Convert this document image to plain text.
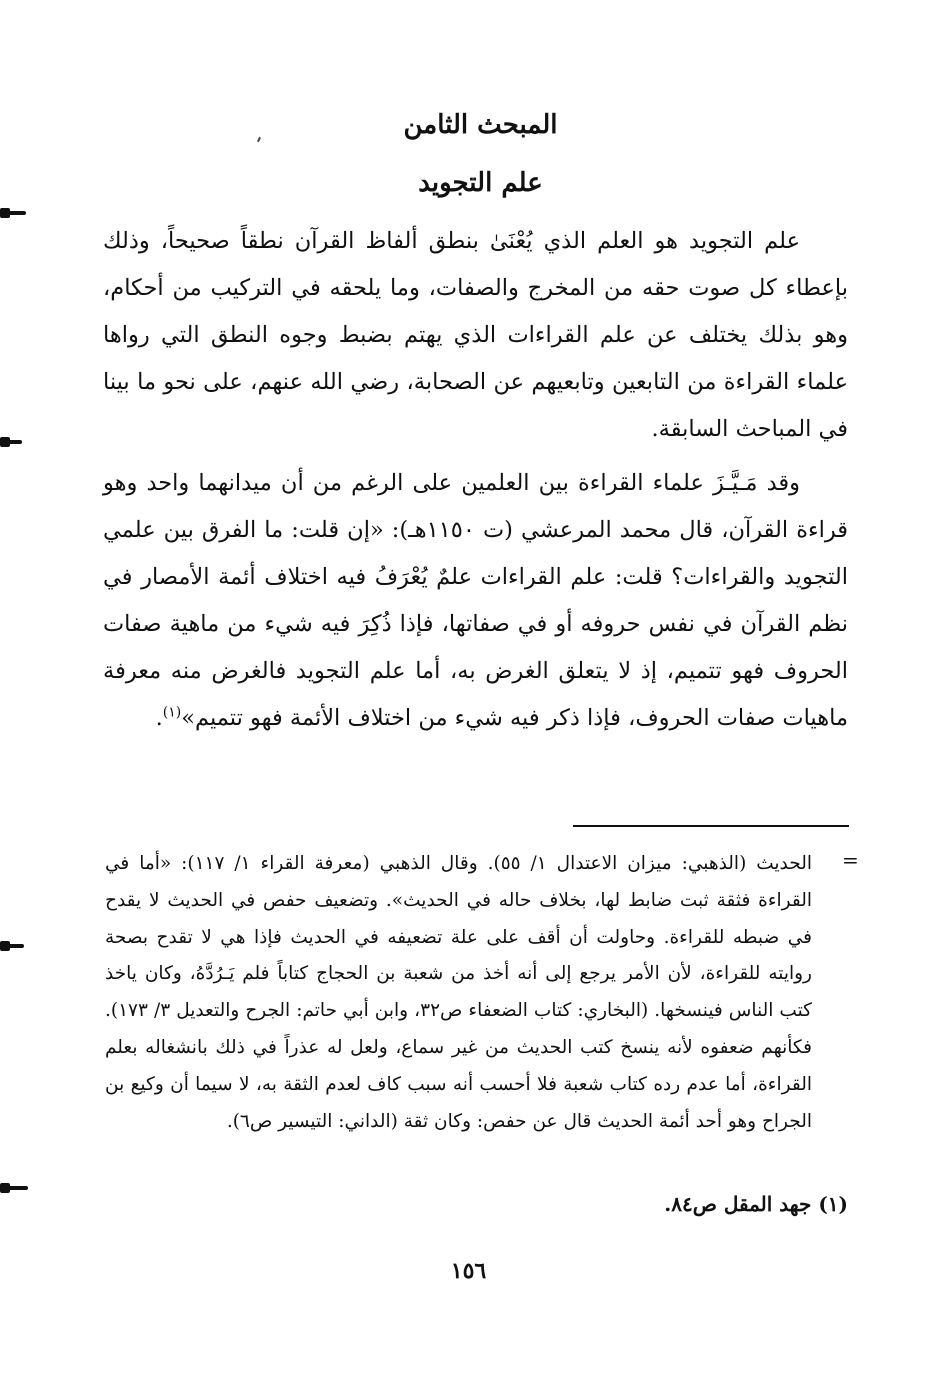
المبحث الثامن
علم التجويد

علم التجويد هو العلم الذي يُعْنَىٰ بنطق ألفاظ القرآن نطقاً صحيحاً، وذلك بإعطاء كل صوت حقه من المخرج والصفات، وما يلحقه في التركيب من أحكام، وهو بذلك يختلف عن علم القراءات الذي يهتم بضبط وجوه النطق التي رواها علماء القراءة من التابعين وتابعيهم عن الصحابة، رضي الله عنهم، على نحو ما بينا في المباحث السابقة.

وقد مَـيَّـزَ علماء القراءة بين العلمين على الرغم من أن ميدانهما واحد وهو قراءة القرآن، قال محمد المرعشي (ت ١١٥٠هـ): «إن قلت: ما الفرق بين علمي التجويد والقراءات؟ قلت: علم القراءات علمٌ يُعْرَفُ فيه اختلاف أئمة الأمصار في نظم القرآن في نفس حروفه أو في صفاتها، فإذا ذُكِرَ فيه شيء من ماهية صفات الحروف فهو تتميم، إذ لا يتعلق الغرض به، أما علم التجويد فالغرض منه معرفة ماهيات صفات الحروف، فإذا ذكر فيه شيء من اختلاف الأئمة فهو تتميم»$^{(١)}$.

=

الحديث (الذهبي: ميزان الاعتدال ١/ ٥٥). وقال الذهبي (معرفة القراء ١/ ١١٧): «أما في القراءة فثقة ثبت ضابط لها، بخلاف حاله في الحديث». وتضعيف حفص في الحديث لا يقدح في ضبطه للقراءة. وحاولت أن أقف على علة تضعيفه في الحديث فإذا هي لا تقدح بصحة روايته للقراءة، لأن الأمر يرجع إلى أنه أخذ من شعبة بن الحجاج كتاباً فلم يَـرُدَّهُ، وكان ياخذ كتب الناس فينسخها. (البخاري: كتاب الضعفاء ص٣٢، وابن أبي حاتم: الجرح والتعديل ٣/ ١٧٣). فكأنهم ضعفوه لأنه ينسخ كتب الحديث من غير سماع، ولعل له عذراً في ذلك بانشغاله بعلم القراءة، أما عدم رده كتاب شعبة فلا أحسب أنه سبب كاف لعدم الثقة به، لا سيما أن وكيع بن الجراح وهو أحد أئمة الحديث قال عن حفص: وكان ثقة (الداني: التيسير ص٦).

(١) جهد المقل ص٨٤.

١٥٦
